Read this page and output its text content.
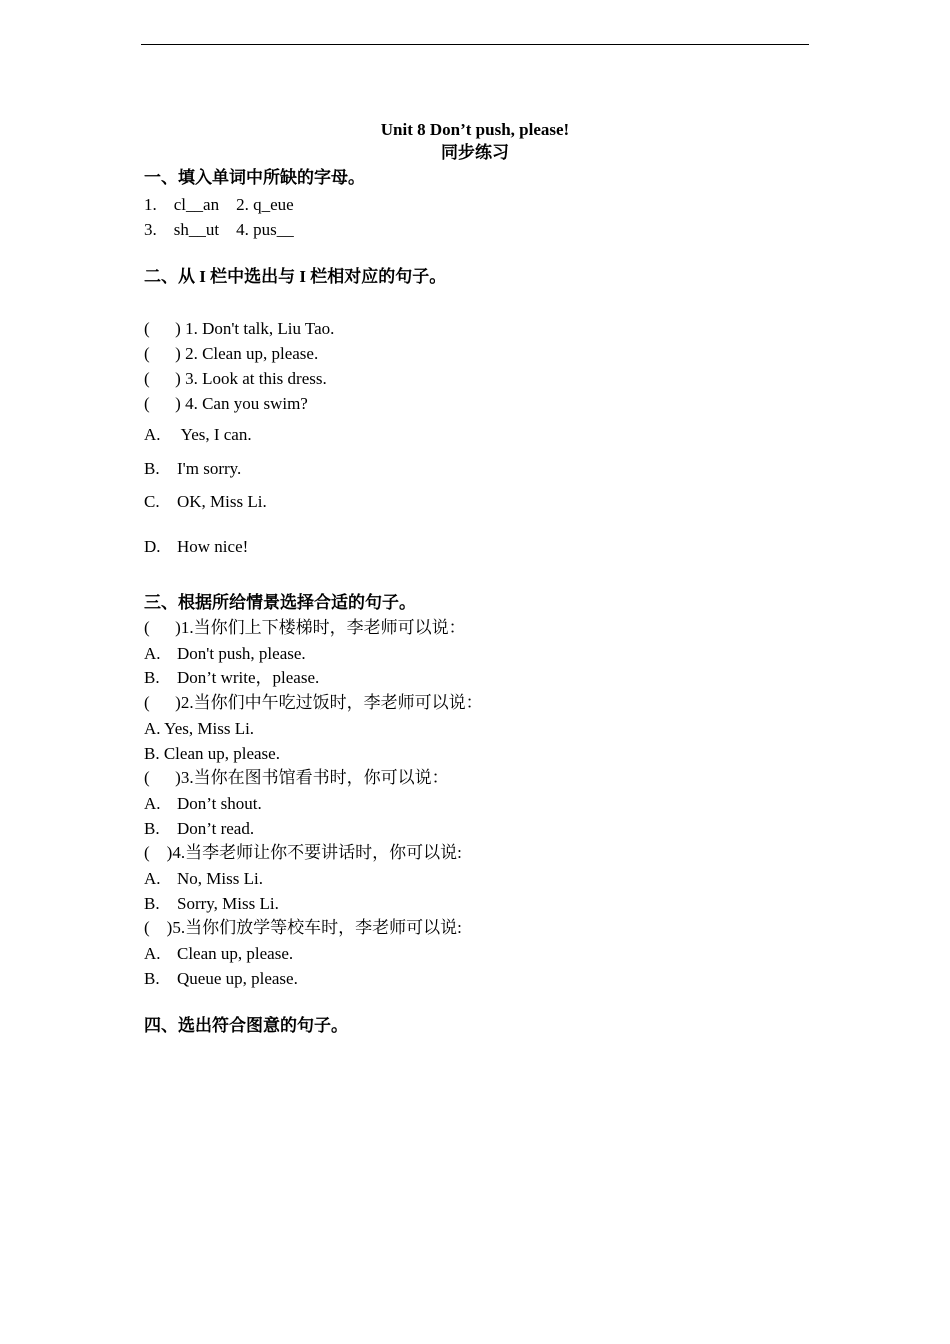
Unit 8 Don’t push, please!
同步练习
一、填入单词中所缺的字母。
1.    cl__an    2. q_eue
3.    sh__ut    4. pus__
二、从 I 栏中选出与 I 栏相对应的句子。
(      ) 1. Don't talk, Liu Tao.
(      ) 2. Clean up, please.
(      ) 3. Look at this dress.
(      ) 4. Can you swim?
A. Yes, I can.
B. I'm sorry.
C. OK, Miss Li.
D. How nice!
三、根据所给情景选择合适的句子。
(      )1.当你们上下楼梯时，李老师可以说：
A. Don't push, please.
B. Don’t write，please.
(      )2.当你们中午吃过饭时，李老师可以说：
A. Yes, Miss Li.
B. Clean up, please.
(      )3.当你在图书馆看书时，你可以说：
A. Don’t shout.
B. Don’t read.
(    )4.当李老师让你不要讲话时，你可以说:
A. No, Miss Li.
B. Sorry, Miss Li.
(    )5.当你们放学等校车时，李老师可以说:
A. Clean up, please.
B. Queue up, please.
四、选出符合图意的句子。
